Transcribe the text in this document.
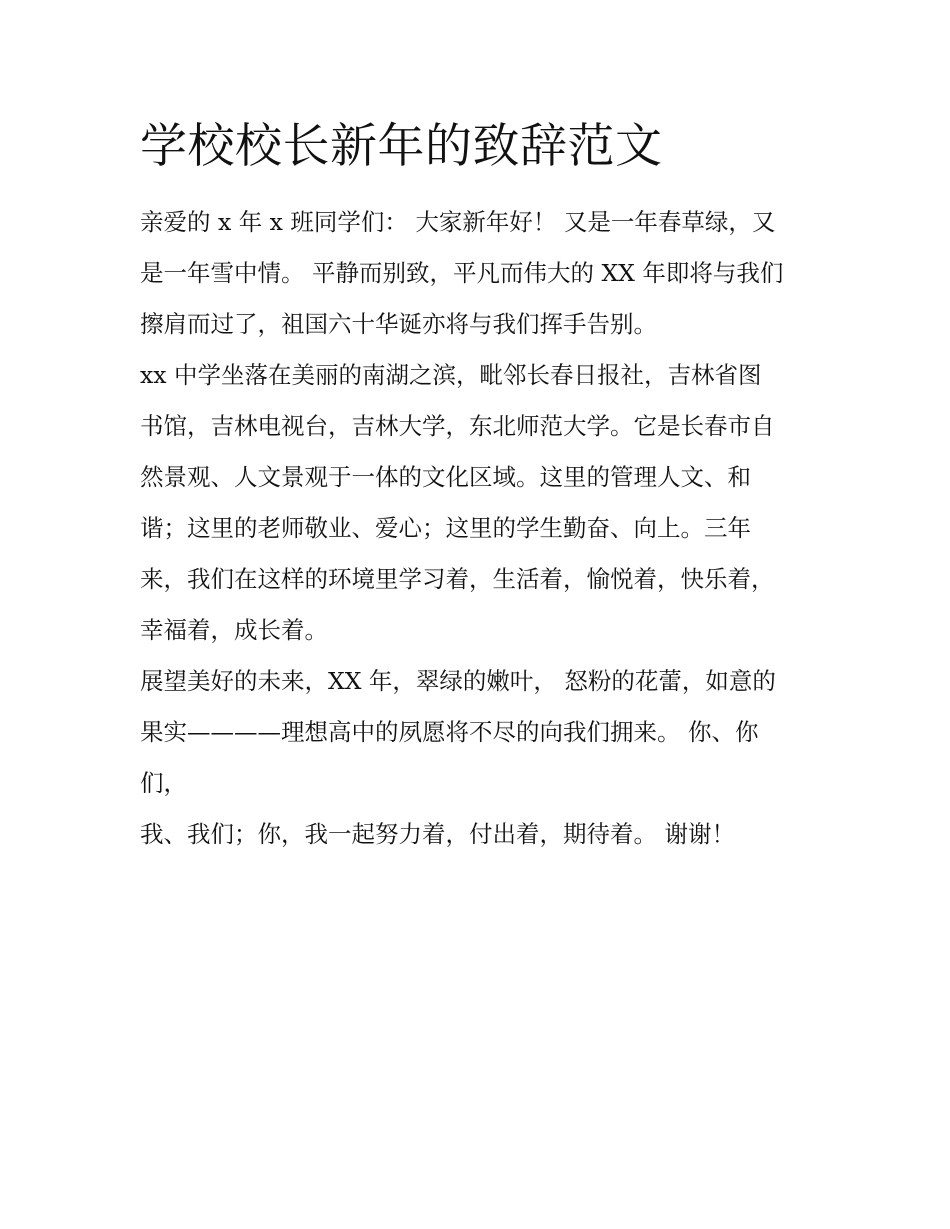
学校校长新年的致辞范文

亲爱的 x 年 x 班同学们： 大家新年好！ 又是一年春草绿，又

是一年雪中情。 平静而别致，平凡而伟大的 XX 年即将与我们

擦肩而过了，祖国六十华诞亦将与我们挥手告别。

xx 中学坐落在美丽的南湖之滨，毗邻长春日报社，吉林省图

书馆，吉林电视台，吉林大学，东北师范大学。它是长春市自

然景观、人文景观于一体的文化区域。这里的管理人文、和

谐；这里的老师敬业、爱心；这里的学生勤奋、向上。三年

来，我们在这样的环境里学习着，生活着，愉悦着，快乐着，

幸福着，成长着。

展望美好的未来，XX 年，翠绿的嫩叶， 怒粉的花蕾，如意的

果实————理想高中的夙愿将不尽的向我们拥来。 你、你

们，

我、我们；你，我一起努力着，付出着，期待着。 谢谢！
